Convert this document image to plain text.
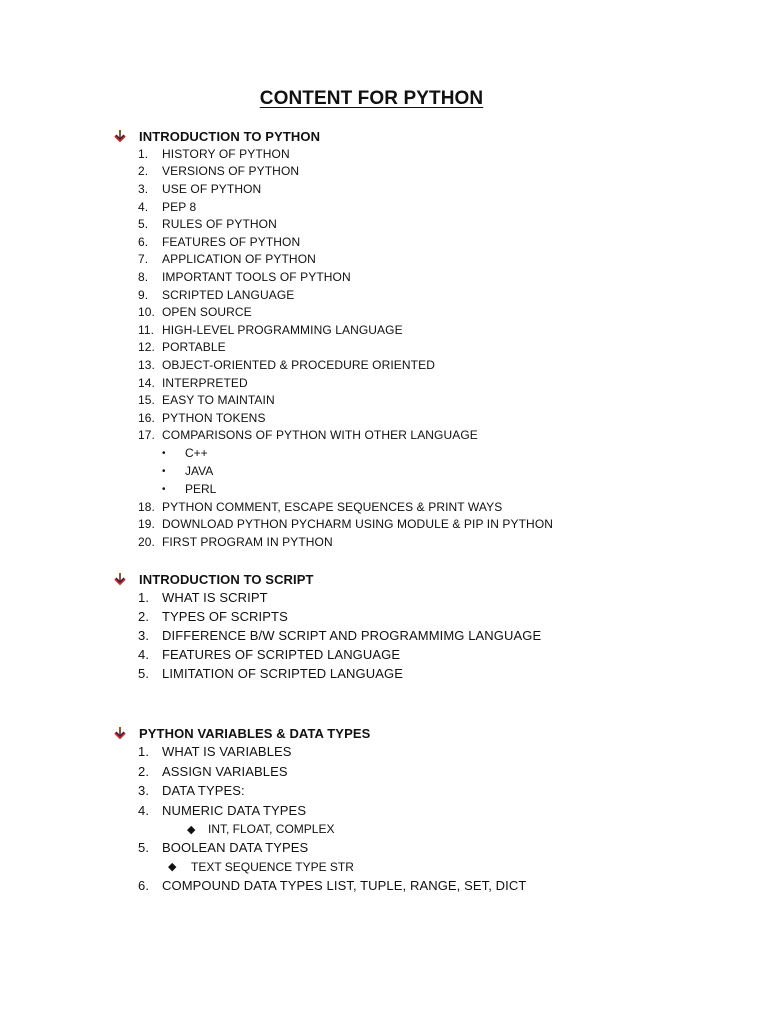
CONTENT FOR PYTHON
INTRODUCTION TO PYTHON
1.	HISTORY OF PYTHON
2.	VERSIONS OF PYTHON
3.	USE OF PYTHON
4.	PEP 8
5.	RULES OF PYTHON
6.	FEATURES OF PYTHON
7.	APPLICATION OF PYTHON
8.	IMPORTANT TOOLS OF PYTHON
9.	SCRIPTED LANGUAGE
10. OPEN SOURCE
11. HIGH-LEVEL PROGRAMMING LANGUAGE
12. PORTABLE
13. OBJECT-ORIENTED & PROCEDURE ORIENTED
14. INTERPRETED
15. EASY TO MAINTAIN
16. PYTHON TOKENS
17. COMPARISONS OF PYTHON WITH OTHER LANGUAGE
•	C++
•	JAVA
•	PERL
18. PYTHON COMMENT, ESCAPE SEQUENCES & PRINT WAYS
19. DOWNLOAD PYTHON PYCHARM USING MODULE & PIP IN PYTHON
20. FIRST PROGRAM IN PYTHON
INTRODUCTION TO SCRIPT
1. WHAT IS SCRIPT
2. TYPES OF SCRIPTS
3. DIFFERENCE B/W SCRIPT AND PROGRAMMIMG LANGUAGE
4. FEATURES OF SCRIPTED LANGUAGE
5. LIMITATION OF SCRIPTED LANGUAGE
PYTHON VARIABLES & DATA TYPES
1. WHAT IS VARIABLES
2. ASSIGN VARIABLES
3. DATA TYPES:
4. NUMERIC DATA TYPES
◆	INT, FLOAT, COMPLEX
5. BOOLEAN DATA TYPES
◆	TEXT SEQUENCE TYPE STR
6. COMPOUND DATA TYPES LIST, TUPLE, RANGE, SET, DICT
